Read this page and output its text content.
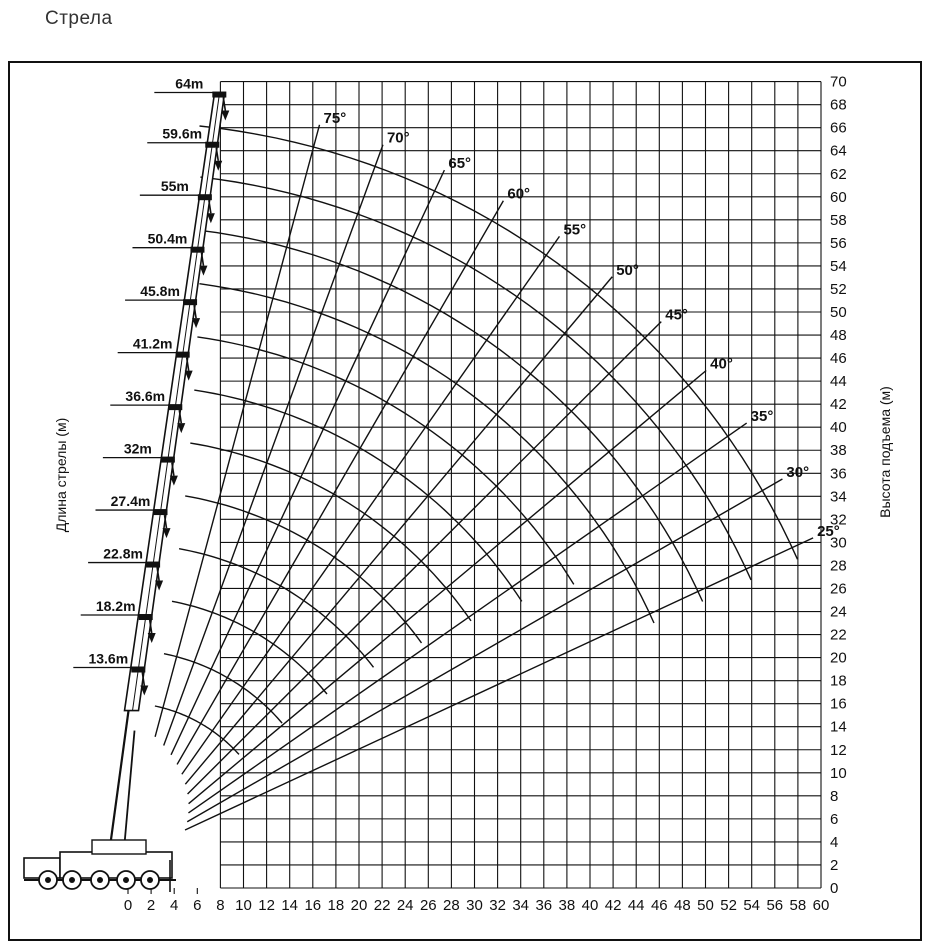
Стрела
0 2 4 6 8 10 12 14 16 18 20 22 24 26 28 30 32 34 36 38 40 42 44 46 48 50 52 54 56 58 60
0
2
4
6
8
10
12
14
16
18
20
22
24
26
28
30
32
34
36
38
40
42
44
46
48
50
52
54
56
58
60
62
64
66
68
70
64m
59.6m
55m
50.4m
45.8m
41.2m
36.6m
32m
27.4m
22.8m
18.2m
13.6m
75°
70°
65°
60°
55°
50°
45°
40°
35°
30°
25°
Высота подъема (м)
Длина стрелы (м)
